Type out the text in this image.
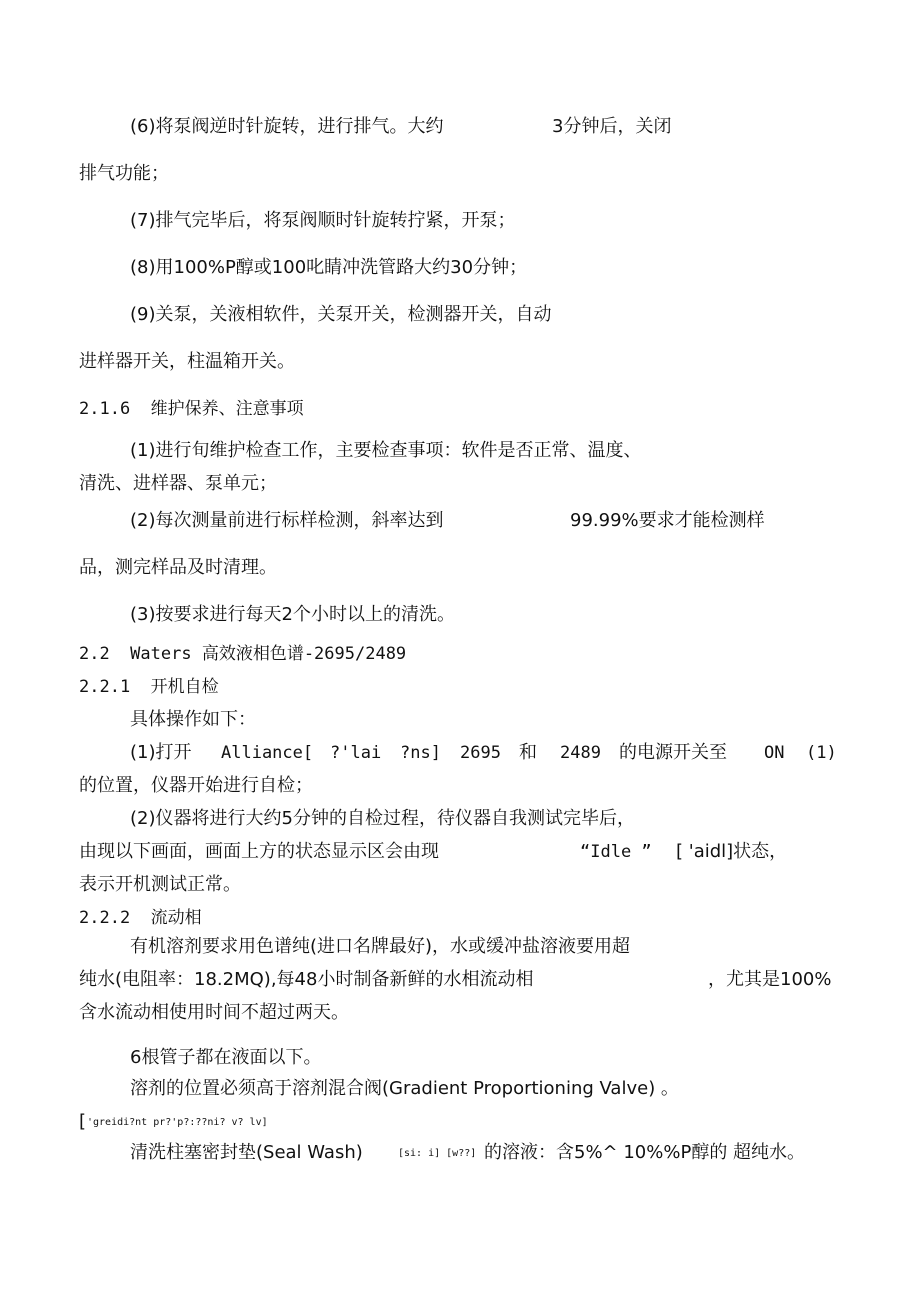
(6)将泵阀逆时针旋转，进行排气。大约	3分钟后，关闭
排气功能；
(7)排气完毕后，将泵阀顺时针旋转拧紧，开泵；
(8)用100%P醇或100叱睛冲洗管路大约30分钟；
(9)关泵，关液相软件，关泵开关，检测器开关，自动
进样器开关，柱温箱开关。
2.1.6  维护保养、注意事项
(1)进行旬维护检查工作，主要检查事项：软件是否正常、温度、
清洗、进样器、泵单元；
(2)每次测量前进行标样检测，斜率达到	99.99%要求才能检测样
品，测完样品及时清理。
(3)按要求进行每天2个小时以上的清洗。
2.2  Waters 高效液相色谱-2695/2489
2.2.1  开机自检
具体操作如下：
(1)打开 Alliance[ ?'lai ?ns] 2695 和 2489 的电源开关至 ON (1)
的位置，仪器开始进行自检；
(2)仪器将进行大约5分钟的自检过程，待仪器自我测试完毕后，
由现以下画面，画面上方的状态显示区会由现	“Idle ” [ 'aidl]状态，
表示开机测试正常。
2.2.2  流动相
有机溶剂要求用色谱纯(进口名牌最好)，水或缓冲盐溶液要用超
纯水(电阻率：18.2MQ),每48小时制备新鲜的水相流动相	，尤其是100%
含水流动相使用时间不超过两天。
6根管子都在液面以下。
溶剂的位置必须高于溶剂混合阀(Gradient Proportioning Valve) 。
[ 'greidi?nt pr?'p?:??ni? v? lv]
清洗柱塞密封垫(Seal Wash)	[si: i] [w??] 的溶液：含5%^ 10%%P醇的 超纯水。
